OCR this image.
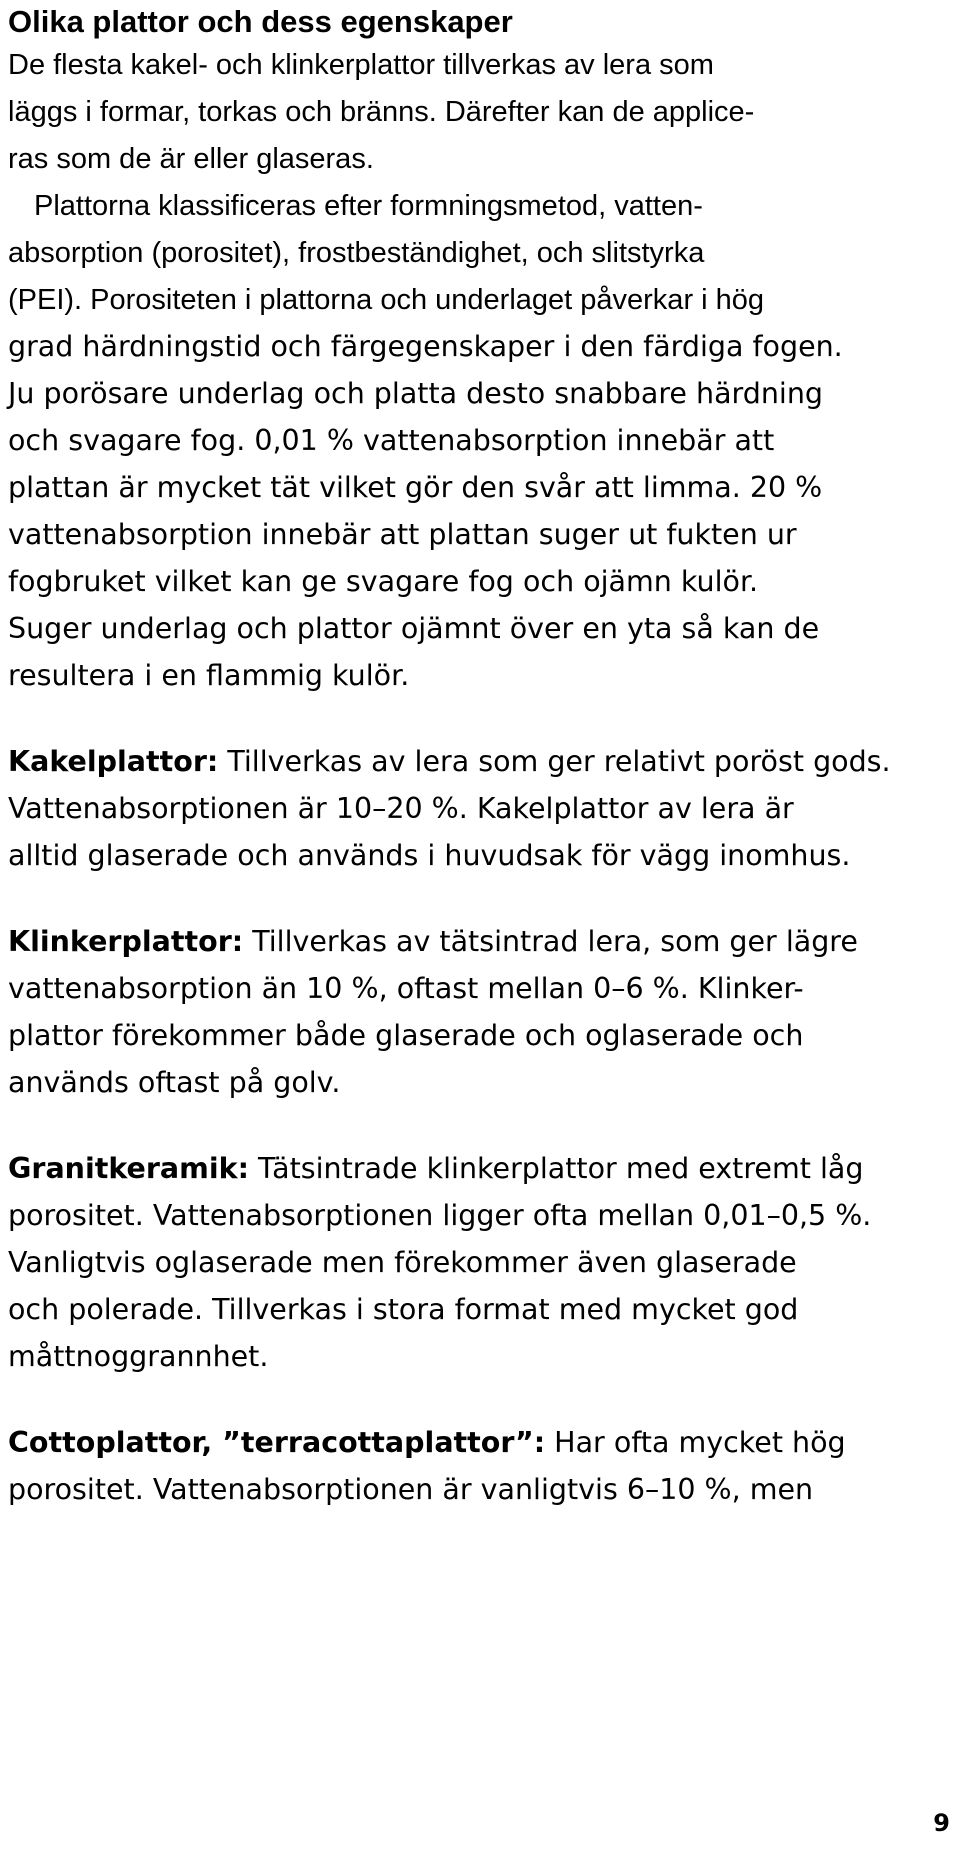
Olika plattor och dess egenskaper

De flesta kakel- och klinkerplattor tillverkas av lera som

läggs i formar, torkas och bränns. Därefter kan de applice-

ras som de är eller glaseras.

Plattorna klassificeras efter formningsmetod, vatten-

absorption (porositet), frostbeständighet, och slitstyrka

(PEI). Porositeten i plattorna och underlaget påverkar i hög

grad härdningstid och färgegenskaper i den färdiga fogen.

Ju porösare underlag och platta desto snabbare härdning

och svagare fog. 0,01 % vattenabsorption innebär att

plattan är mycket tät vilket gör den svår att limma. 20 %

vattenabsorption innebär att plattan suger ut fukten ur

fogbruket vilket kan ge svagare fog och ojämn kulör.

Suger underlag och plattor ojämnt över en yta så kan de

resultera i en flammig kulör.

Kakelplattor: Tillverkas av lera som ger relativt poröst gods.

Vattenabsorptionen är 10–20 %. Kakelplattor av lera är

alltid glaserade och används i huvudsak för vägg inomhus.

Klinkerplattor: Tillverkas av tätsintrad lera, som ger lägre

vattenabsorption än 10 %, oftast mellan 0–6 %. Klinker-

plattor förekommer både glaserade och oglaserade och

används oftast på golv.

Granitkeramik: Tätsintrade klinkerplattor med extremt låg

porositet. Vattenabsorptionen ligger ofta mellan 0,01–0,5 %.

Vanligtvis oglaserade men förekommer även glaserade

och polerade. Tillverkas i stora format med mycket god

måttnoggrannhet.

Cottoplattor, ”terracottaplattor”: Har ofta mycket hög

porositet. Vattenabsorptionen är vanligtvis 6–10 %, men

9
